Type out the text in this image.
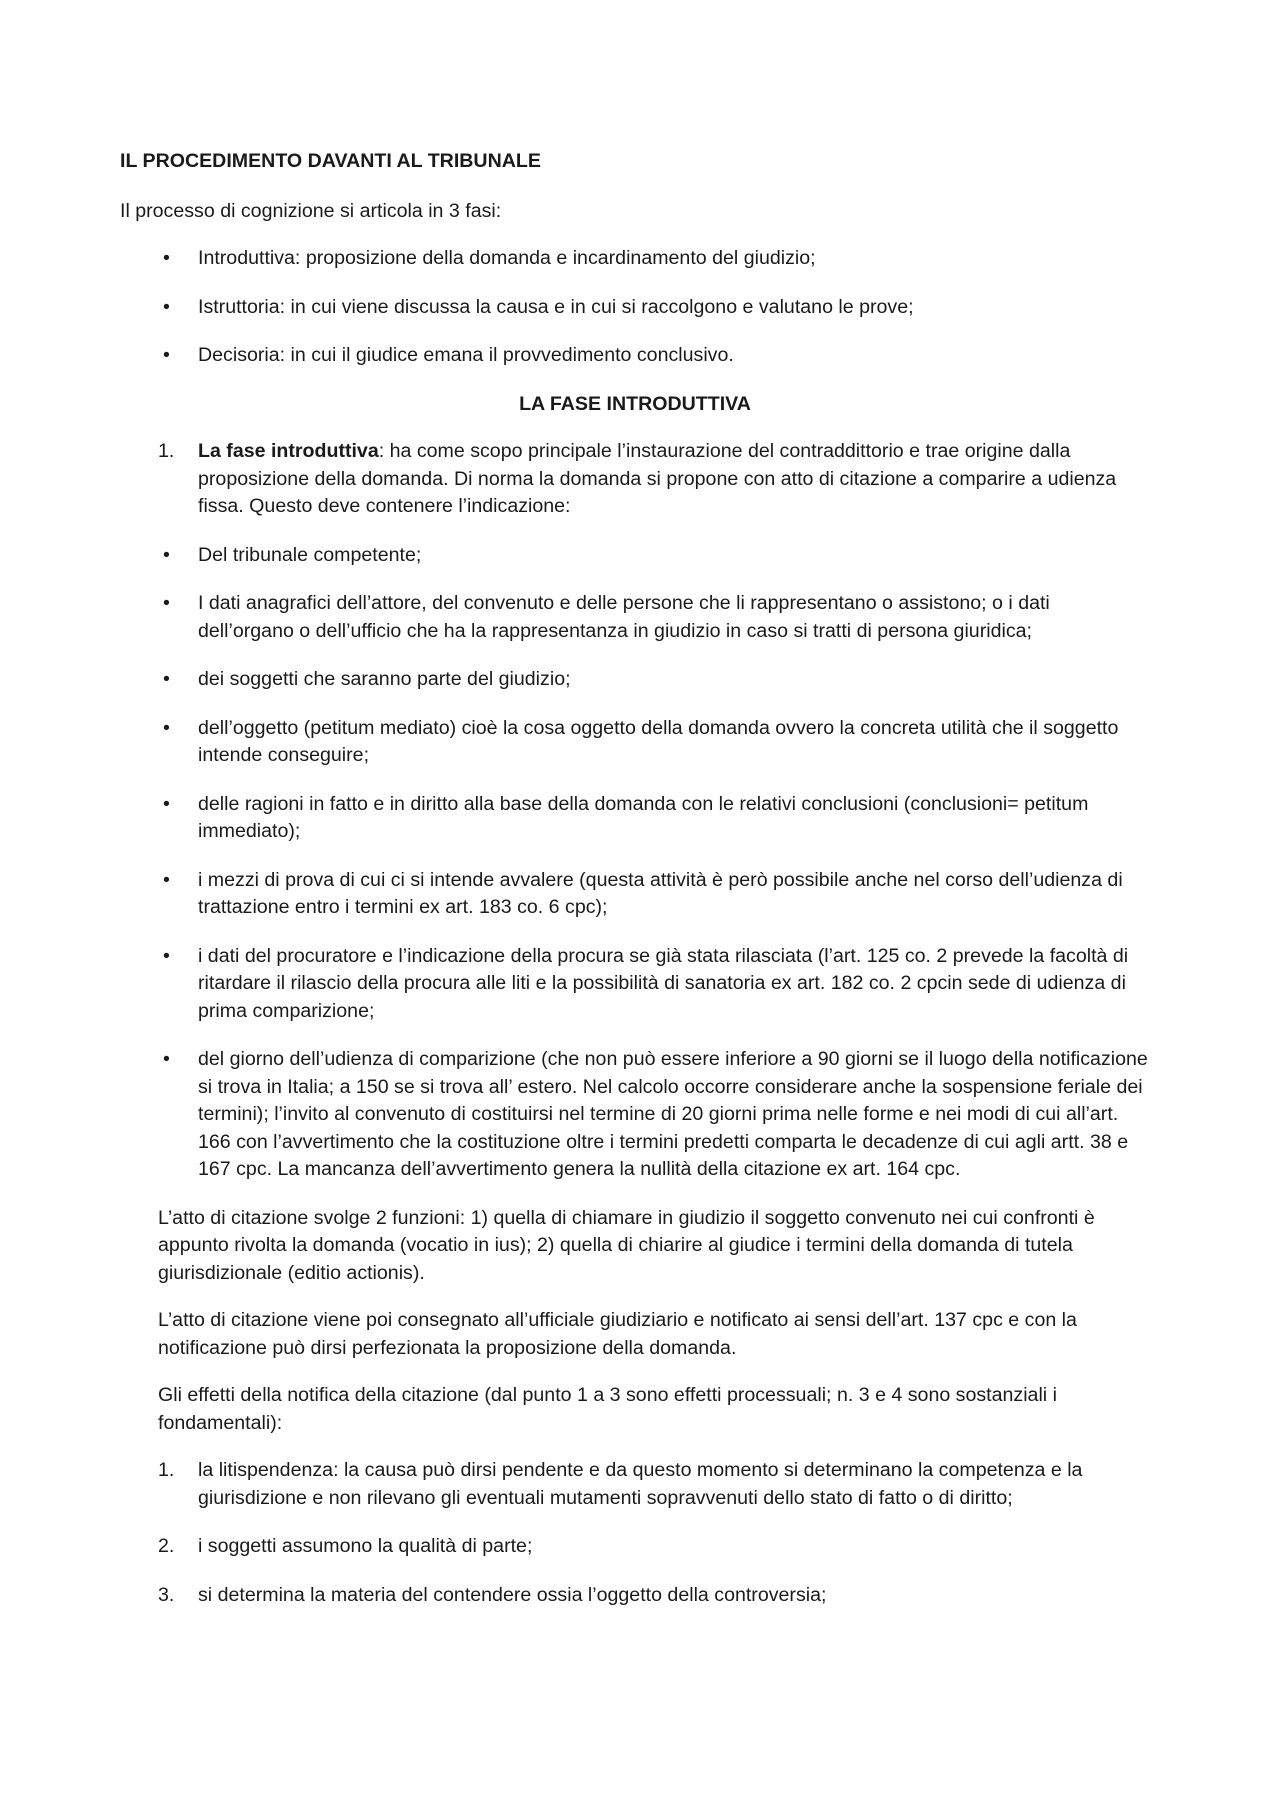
IL PROCEDIMENTO DAVANTI AL TRIBUNALE

Il processo di cognizione si articola in 3 fasi:

• Introduttiva: proposizione della domanda e incardinamento del giudizio;
• Istruttoria: in cui viene discussa la causa e in cui si raccolgono e valutano le prove;
• Decisoria: in cui il giudice emana il provvedimento conclusivo.

LA FASE INTRODUTTIVA

1. La fase introduttiva: ha come scopo principale l’instaurazione del contraddittorio e trae origine dalla proposizione della domanda. Di norma la domanda si propone con atto di citazione a comparire a udienza fissa. Questo deve contenere l’indicazione:
• Del tribunale competente;
• I dati anagrafici dell’attore, del convenuto e delle persone che li rappresentano o assistono; o i dati dell’organo o dell’ufficio che ha la rappresentanza in giudizio in caso si tratti di persona giuridica;
• dei soggetti che saranno parte del giudizio;
• dell’oggetto (petitum mediato) cioè la cosa oggetto della domanda ovvero la concreta utilità che il soggetto intende conseguire;
• delle ragioni in fatto e in diritto alla base della domanda con le relativi conclusioni (conclusioni= petitum immediato);
• i mezzi di prova di cui ci si intende avvalere (questa attività è però possibile anche nel corso dell’udienza di trattazione entro i termini ex art. 183 co. 6 cpc);
• i dati del procuratore e l’indicazione della procura se già stata rilasciata (l’art. 125 co. 2 prevede la facoltà di ritardare il rilascio della procura alle liti e la possibilità di sanatoria ex art. 182 co. 2 cpcin sede di udienza di prima comparizione;
• del giorno dell’udienza di comparizione (che non può essere inferiore a 90 giorni se il luogo della notificazione si trova in Italia; a 150 se si trova all’ estero. Nel calcolo occorre considerare anche la sospensione feriale dei termini); l’invito al convenuto di costituirsi nel termine di 20 giorni prima nelle forme e nei modi di cui all’art. 166 con l’avvertimento che la costituzione oltre i termini predetti comparta le decadenze di cui agli artt. 38 e 167 cpc. La mancanza dell’avvertimento genera la nullità della citazione ex art. 164 cpc.

L’atto di citazione svolge 2 funzioni: 1) quella di chiamare in giudizio il soggetto convenuto nei cui confronti è appunto rivolta la domanda (vocatio in ius); 2) quella di chiarire al giudice i termini della domanda di tutela giurisdizionale (editio actionis).

L’atto di citazione viene poi consegnato all’ufficiale giudiziario e notificato ai sensi dell’art. 137 cpc e con la notificazione può dirsi perfezionata la proposizione della domanda.

Gli effetti della notifica della citazione (dal punto 1 a 3 sono effetti processuali; n. 3 e 4 sono sostanziali i fondamentali):

1. la litispendenza: la causa può dirsi pendente e da questo momento si determinano la competenza e la giurisdizione e non rilevano gli eventuali mutamenti sopravvenuti dello stato di fatto o di diritto;
2. i soggetti assumono la qualità di parte;
3. si determina la materia del contendere ossia l’oggetto della controversia;
